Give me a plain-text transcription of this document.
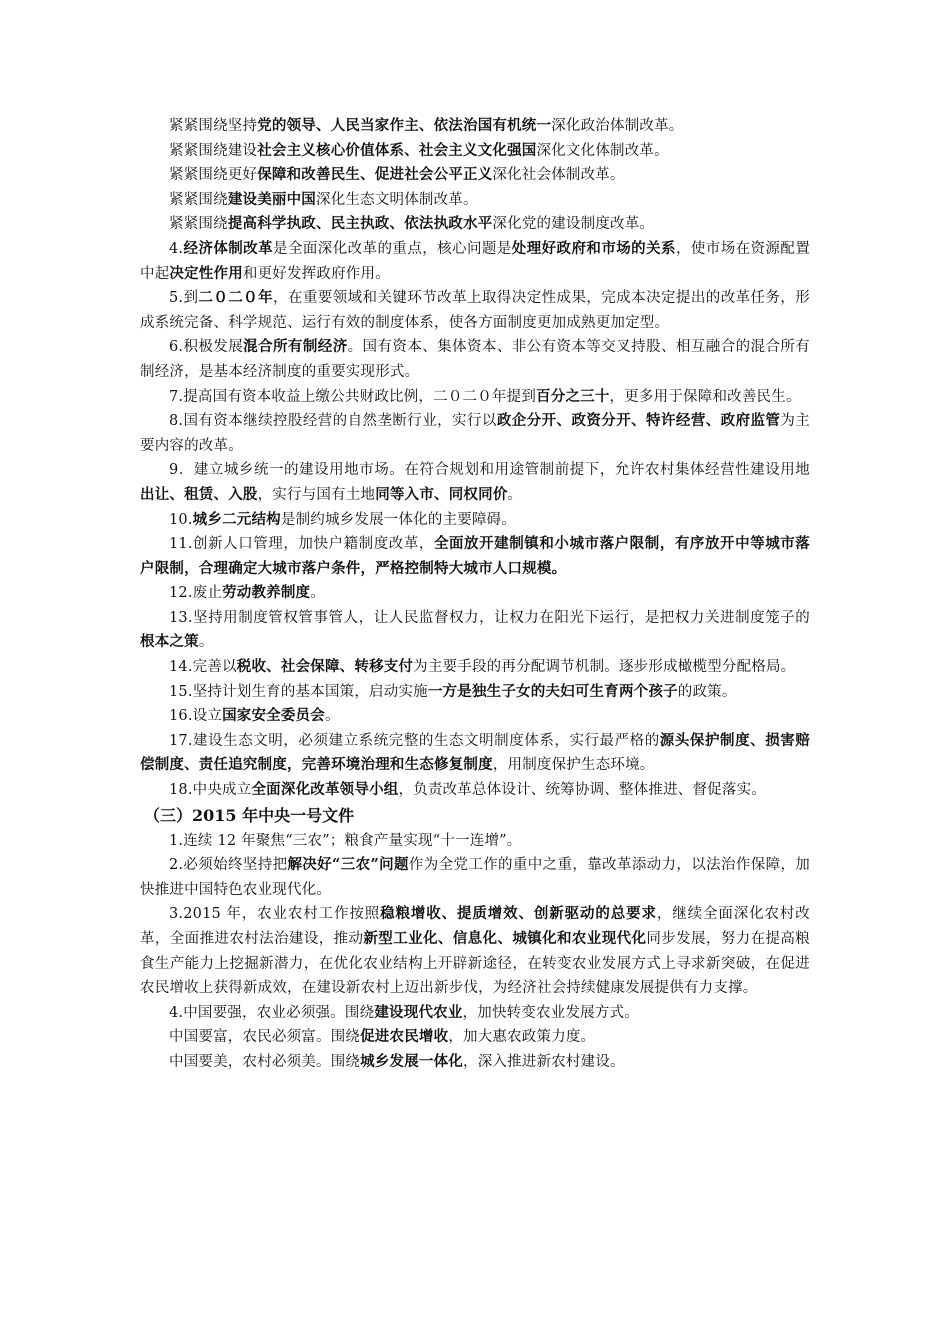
紧紧围绕坚持党的领导、人民当家作主、依法治国有机统一深化政治体制改革。

紧紧围绕建设社会主义核心价值体系、社会主义文化强国深化文化体制改革。

紧紧围绕更好保障和改善民生、促进社会公平正义深化社会体制改革。

紧紧围绕建设美丽中国深化生态文明体制改革。

紧紧围绕提高科学执政、民主执政、依法执政水平深化党的建设制度改革。

4.经济体制改革是全面深化改革的重点，核心问题是处理好政府和市场的关系，使市场在资源配置中起决定性作用和更好发挥政府作用。

5.到二０二０年，在重要领域和关键环节改革上取得决定性成果，完成本决定提出的改革任务，形成系统完备、科学规范、运行有效的制度体系，使各方面制度更加成熟更加定型。

6.积极发展混合所有制经济。国有资本、集体资本、非公有资本等交叉持股、相互融合的混合所有制经济，是基本经济制度的重要实现形式。

7.提高国有资本收益上缴公共财政比例，二０二０年提到百分之三十，更多用于保障和改善民生。

8.国有资本继续控股经营的自然垄断行业，实行以政企分开、政资分开、特许经营、政府监管为主要内容的改革。

9．建立城乡统一的建设用地市场。在符合规划和用途管制前提下，允许农村集体经营性建设用地出让、租赁、入股，实行与国有土地同等入市、同权同价。

10.城乡二元结构是制约城乡发展一体化的主要障碍。

11.创新人口管理，加快户籍制度改革，全面放开建制镇和小城市落户限制，有序放开中等城市落户限制，合理确定大城市落户条件，严格控制特大城市人口规模。

12.废止劳动教养制度。

13.坚持用制度管权管事管人，让人民监督权力，让权力在阳光下运行，是把权力关进制度笼子的根本之策。

14.完善以税收、社会保障、转移支付为主要手段的再分配调节机制。逐步形成橄榄型分配格局。

15.坚持计划生育的基本国策，启动实施一方是独生子女的夫妇可生育两个孩子的政策。

16.设立国家安全委员会。

17.建设生态文明，必须建立系统完整的生态文明制度体系，实行最严格的源头保护制度、损害赔偿制度、责任追究制度，完善环境治理和生态修复制度，用制度保护生态环境。

18.中央成立全面深化改革领导小组，负责改革总体设计、统筹协调、整体推进、督促落实。

（三）2015 年中央一号文件

1.连续 12 年聚焦“三农”；粮食产量实现“十一连增”。

2.必须始终坚持把解决好“三农”问题作为全党工作的重中之重，靠改革添动力，以法治作保障，加快推进中国特色农业现代化。

3.2015 年，农业农村工作按照稳粮增收、提质增效、创新驱动的总要求，继续全面深化农村改革，全面推进农村法治建设，推动新型工业化、信息化、城镇化和农业现代化同步发展，努力在提高粮食生产能力上挖掘新潜力，在优化农业结构上开辟新途径，在转变农业发展方式上寻求新突破，在促进农民增收上获得新成效，在建设新农村上迈出新步伐，为经济社会持续健康发展提供有力支撑。

4.中国要强，农业必须强。围绕建设现代农业，加快转变农业发展方式。

中国要富，农民必须富。围绕促进农民增收，加大惠农政策力度。

中国要美，农村必须美。围绕城乡发展一体化，深入推进新农村建设。
